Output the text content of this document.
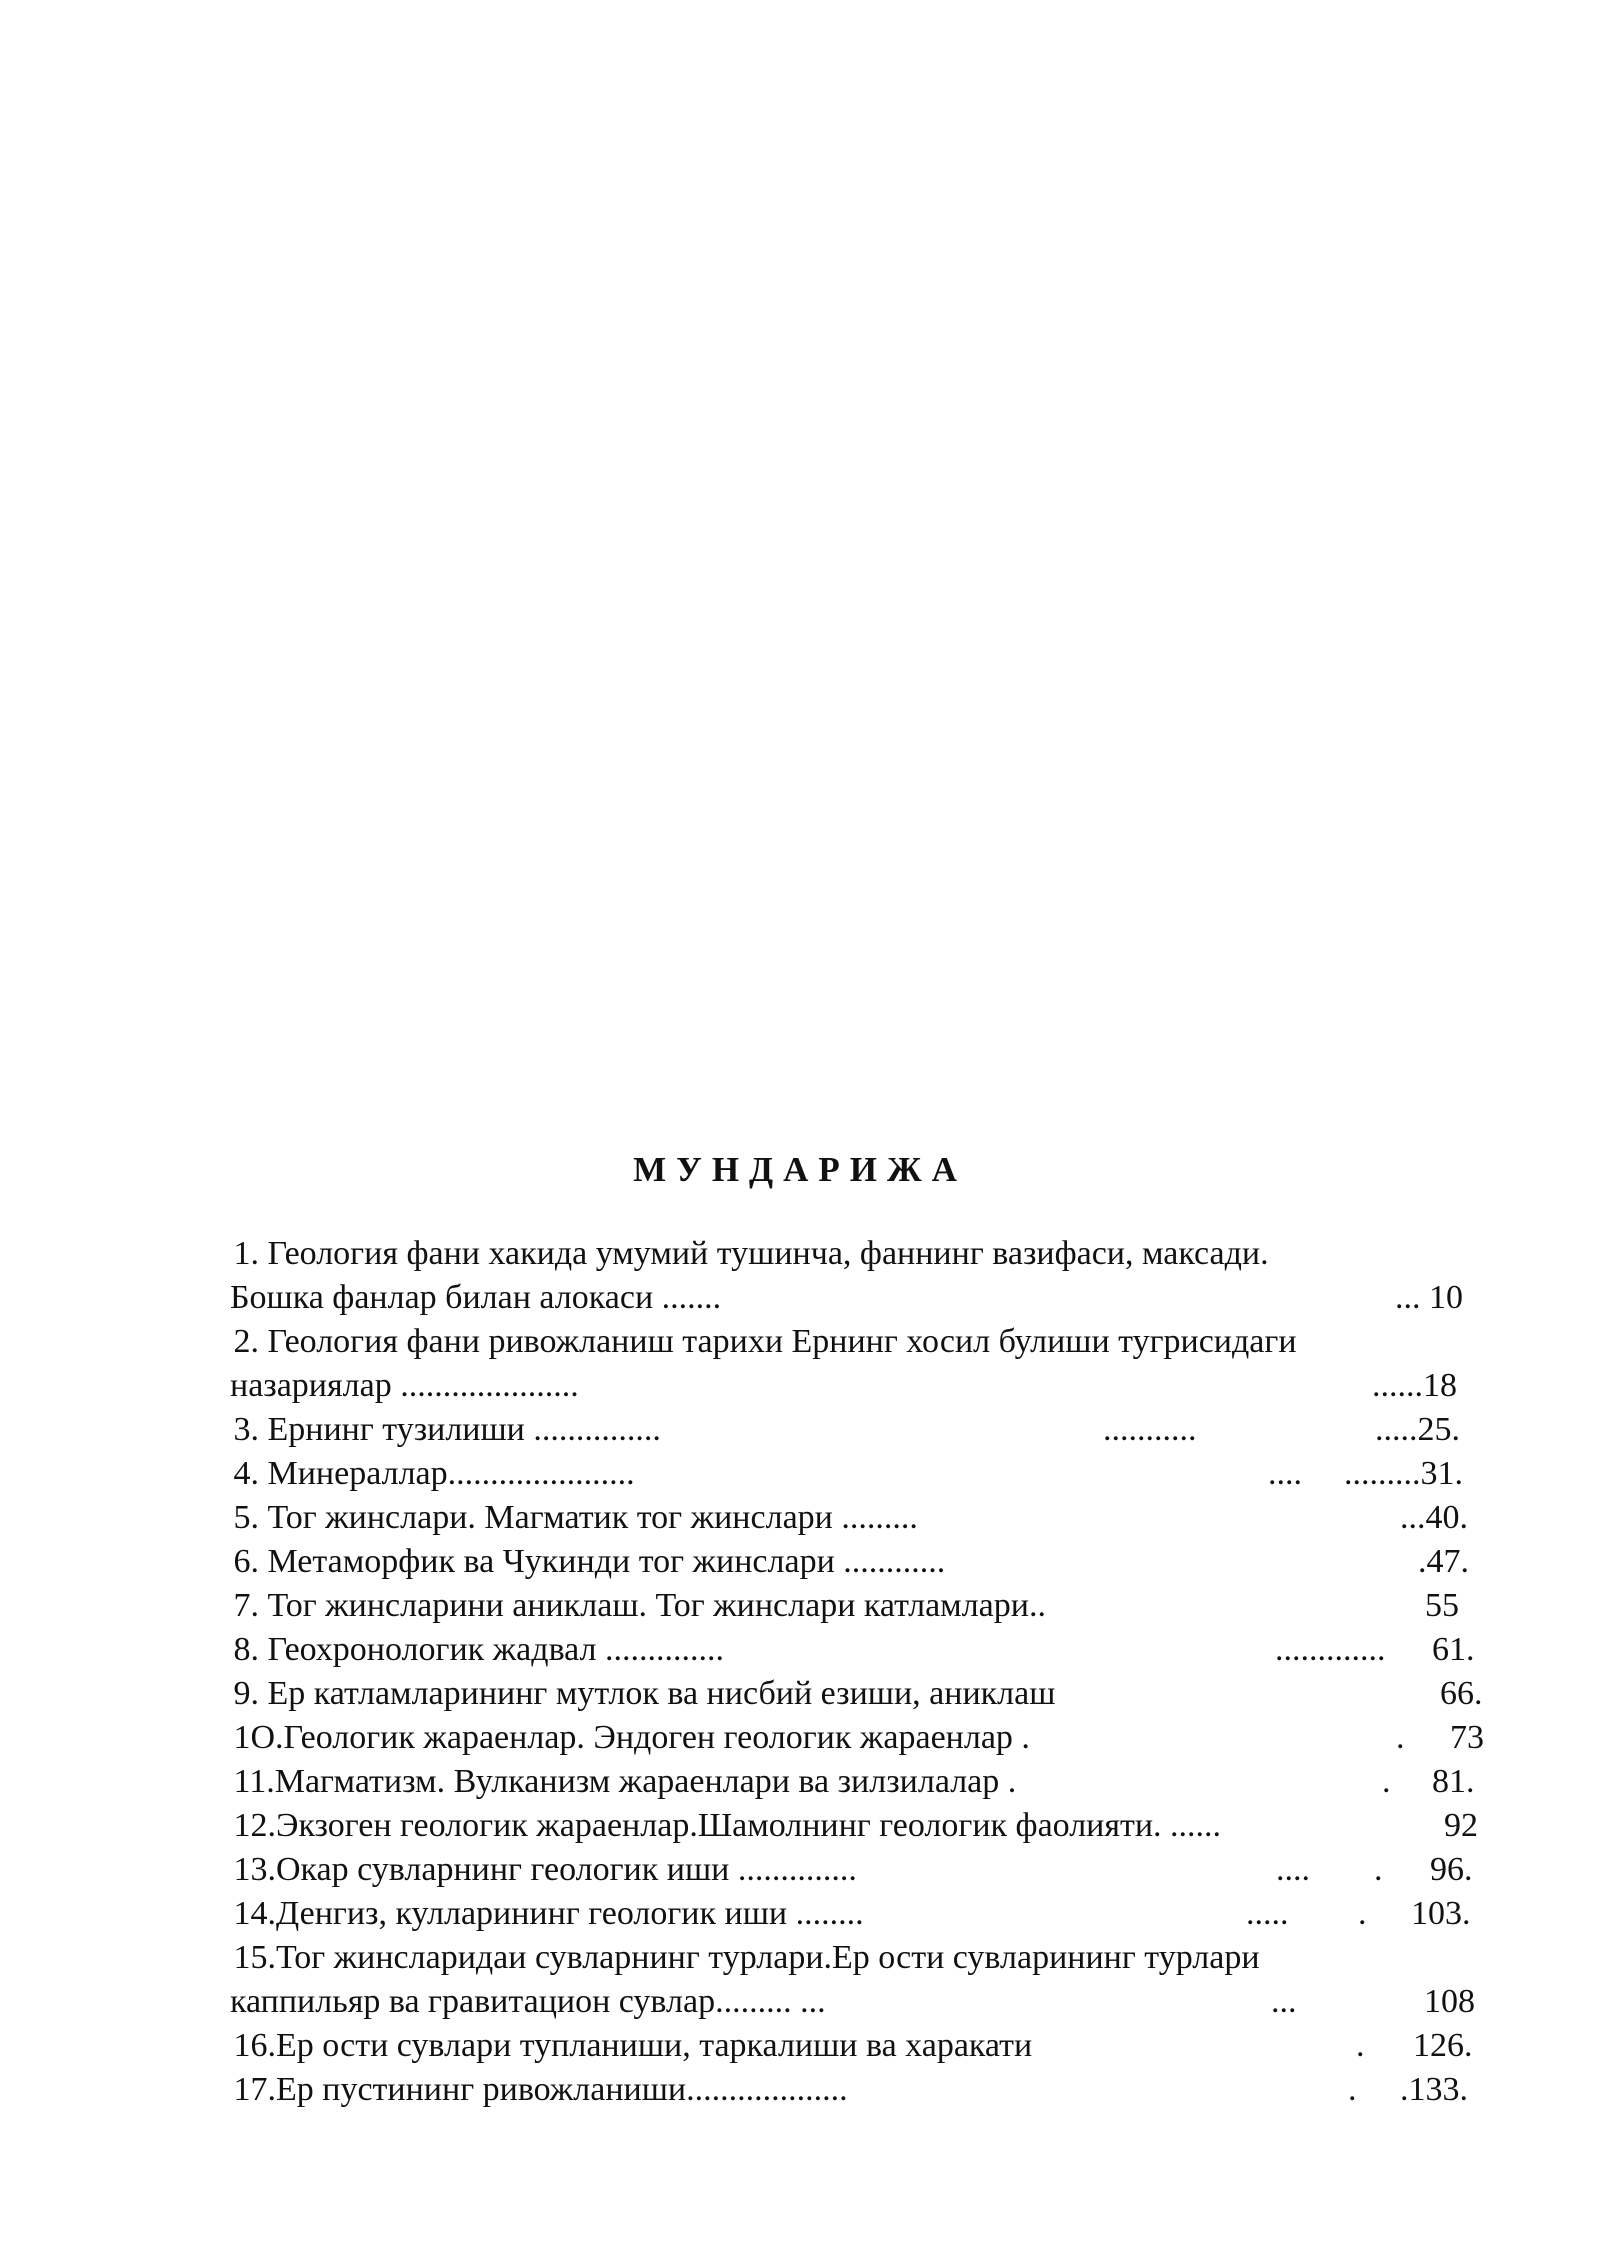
МУНДАРИЖА
1. Геология фани хакида умумий тушинча, фаннинг вазифаси, максади.
Бошка фанлар билан алокаси .......	... 10
2. Геология фани ривожланиш тарихи Ернинг хосил булиши тугрисидаги
назариялар .....................	......18
3. Ернинг тузилиши ...............	...........	.....25.
4. Минераллар......................	.... .........31.
5. Тог жинслари. Магматик тог жинслари .........	...40.
6. Метаморфик ва Чукинди тог жинслари ............	.47.
7. Тог жинсларини аниклаш. Тог жинслари катламлари..	55
8. Геохронологик жадвал ..............	............. 61.
9. Ер катламларининг мутлок ва нисбий езиши, аниклаш	66.
1О.Геологик жараенлар. Эндоген геологик жараенлар .	. 73
11.Магматизм. Вулканизм жараенлари ва зилзилалар .	. 81.
12.Экзоген геологик жараенлар.Шамолнинг геологик фаолияти. ......	92
13.Окар сувларнинг геологик иши ..............	.... . 96.
14.Денгиз, кулларининг геологик иши ........	..... . 103.
15.Тог жинсларидаи сувларнинг турлари.Ер ости сувларининг турлари
каппильяр ва гравитацион сувлар......... ...	...	108
16.Ер ости сувлари тупланиши, таркалиши ва харакати	. 126.
17.Ер пустининг ривожланиши...................	. .133.
